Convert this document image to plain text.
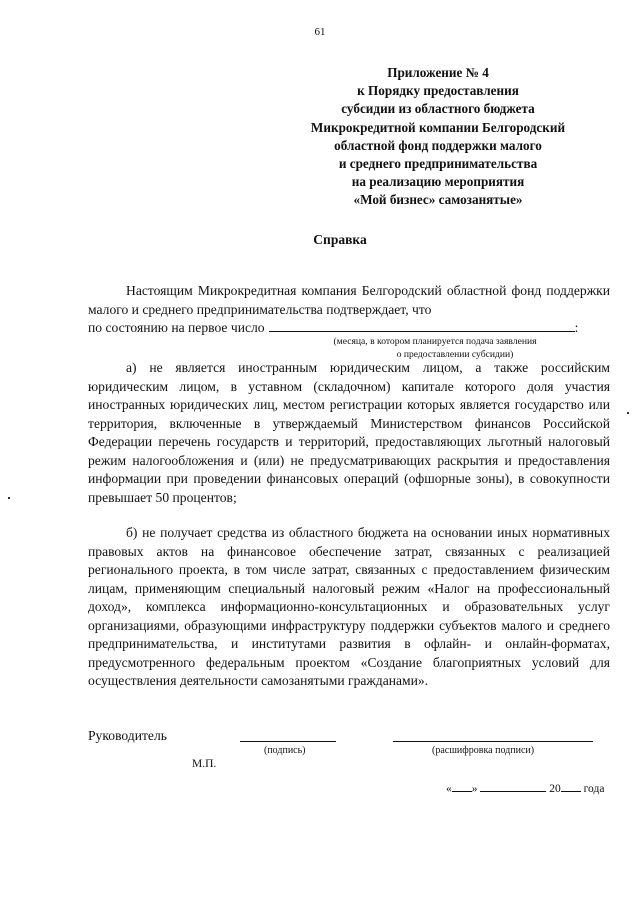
61
Приложение № 4
к Порядку предоставления
субсидии из областного бюджета
Микрокредитной компании Белгородский
областной фонд поддержки малого
и среднего предпринимательства
на реализацию мероприятия
«Мой бизнес» самозанятые»
Справка

Настоящим Микрокредитная компания Белгородский областной фонд поддержки малого и среднего предпринимательства подтверждает, что

по состоянию на первое число	:
(месяца, в котором планируется подача заявления
о предоставлении субсидии)

а) не является иностранным юридическим лицом, а также российским юридическим лицом, в уставном (складочном) капитале которого доля участия иностранных юридических лиц, местом регистрации которых является государство или территория, включенные в утверждаемый Министерством финансов Российской Федерации перечень государств и территорий, предоставляющих льготный налоговый режим налогообложения и (или) не предусматривающих раскрытия и предоставления информации при проведении финансовых операций (офшорные зоны), в совокупности превышает 50 процентов;

б) не получает средства из областного бюджета на основании иных нормативных правовых актов на финансовое обеспечение затрат, связанных с реализацией регионального проекта, в том числе затрат, связанных с предоставлением физическим лицам, применяющим специальный налоговый режим «Налог на профессиональный доход», комплекса информационно-консультационных и образовательных услуг организациями, образующими инфраструктуру поддержки субъектов малого и среднего предпринимательства, и институтами развития в офлайн- и онлайн-форматах, предусмотренного федеральным проектом «Создание благоприятных условий для осуществления деятельности самозанятыми гражданами».

Руководитель
(подпись)	(расшифровка подписи)
М.П.
« »	20 года
